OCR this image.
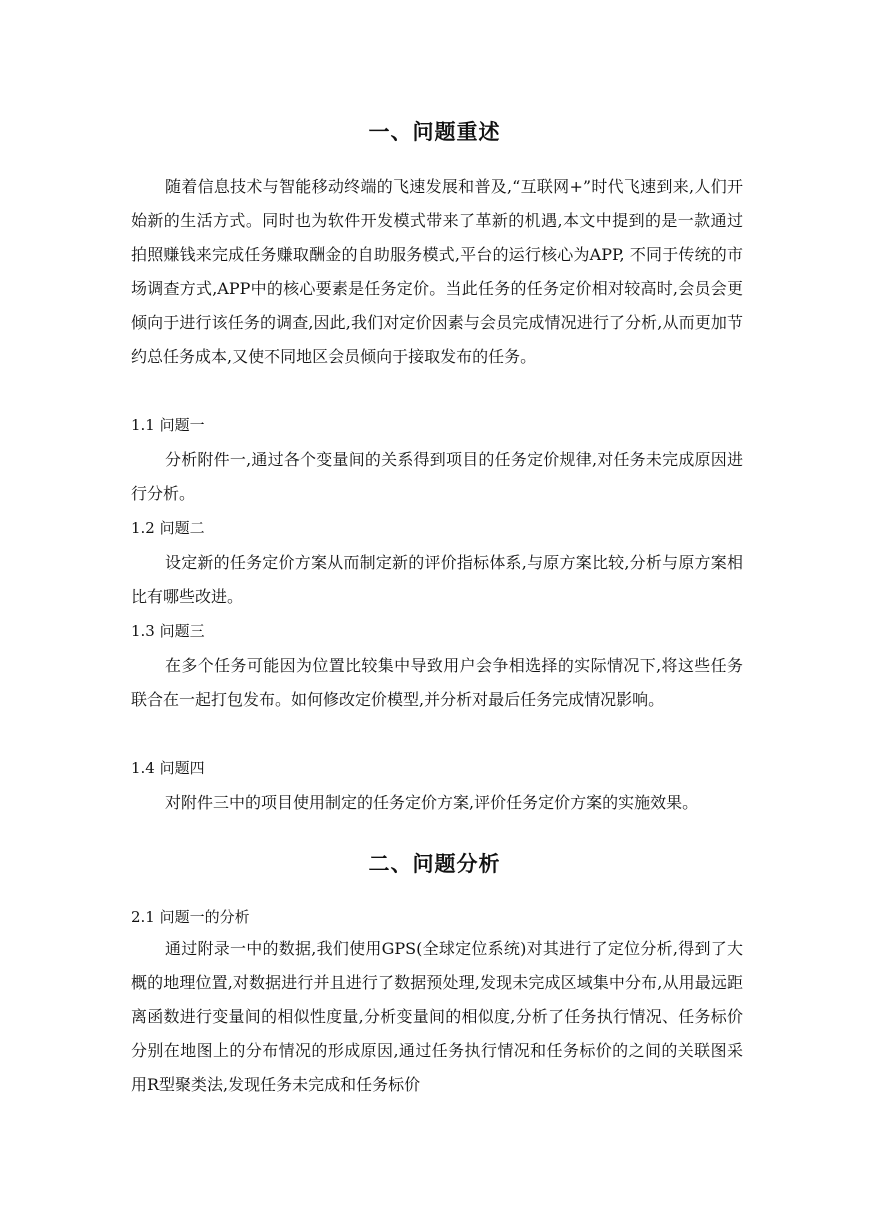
一、问题重述

随着信息技术与智能移动终端的飞速发展和普及,“互联网+”时代飞速到来,人们开始新的生活方式。同时也为软件开发模式带来了革新的机遇,本文中提到的是一款通过拍照赚钱来完成任务赚取酬金的自助服务模式,平台的运行核心为APP, 不同于传统的市场调查方式,APP中的核心要素是任务定价。当此任务的任务定价相对较高时,会员会更倾向于进行该任务的调查,因此,我们对定价因素与会员完成情况进行了分析,从而更加节约总任务成本,又使不同地区会员倾向于接取发布的任务。

1.1 问题一

分析附件一,通过各个变量间的关系得到项目的任务定价规律,对任务未完成原因进行分析。

1.2 问题二

设定新的任务定价方案从而制定新的评价指标体系,与原方案比较,分析与原方案相比有哪些改进。

1.3 问题三

在多个任务可能因为位置比较集中导致用户会争相选择的实际情况下,将这些任务联合在一起打包发布。如何修改定价模型,并分析对最后任务完成情况影响。

1.4 问题四

对附件三中的项目使用制定的任务定价方案,评价任务定价方案的实施效果。

二、问题分析

2.1 问题一的分析

通过附录一中的数据,我们使用GPS(全球定位系统)对其进行了定位分析,得到了大概的地理位置,对数据进行并且进行了数据预处理,发现未完成区域集中分布,从用最远距离函数进行变量间的相似性度量,分析变量间的相似度,分析了任务执行情况、任务标价分别在地图上的分布情况的形成原因,通过任务执行情况和任务标价的之间的关联图采用R型聚类法,发现任务未完成和任务标价
